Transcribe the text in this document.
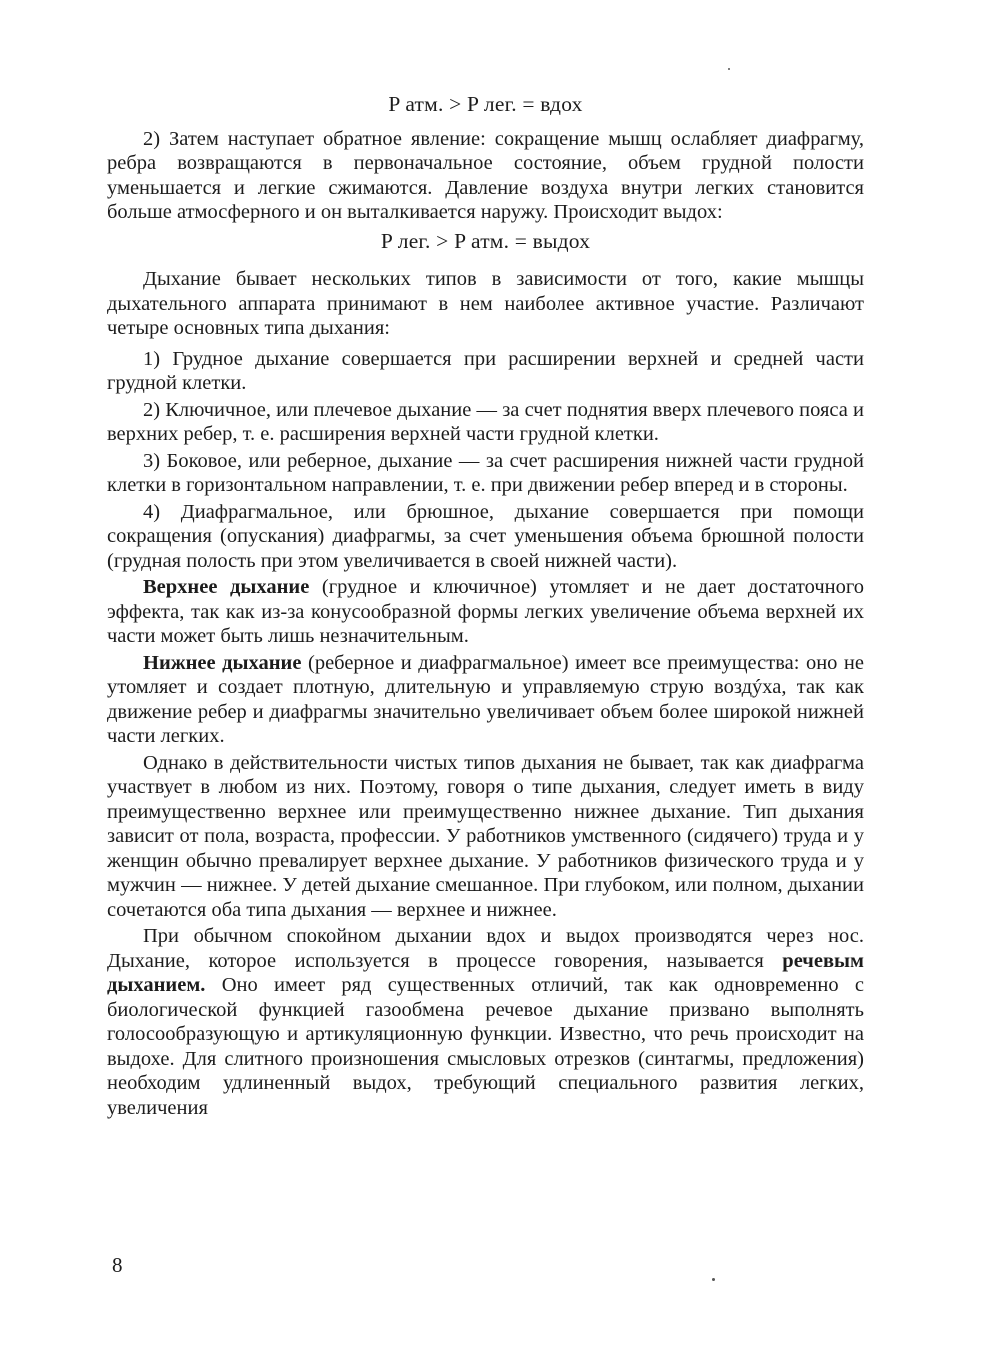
P атм. > P лег. = вдох

2) Затем наступает обратное явление: сокращение мышц ослабляет диафрагму, ребра возвращаются в первоначальное состояние, объем грудной полости уменьшается и легкие сжимаются. Давление воздуха внутри легких становится больше атмосферного и он выталкивается наружу. Происходит выдох:

P лег. > P атм. = выдох

Дыхание бывает нескольких типов в зависимости от того, какие мышцы дыхательного аппарата принимают в нем наиболее активное участие. Различают четыре основных типа дыхания:

1) Грудное дыхание совершается при расширении верхней и средней части грудной клетки.

2) Ключичное, или плечевое дыхание — за счет поднятия вверх плечевого пояса и верхних ребер, т. е. расширения верхней части грудной клетки.

3) Боковое, или реберное, дыхание — за счет расширения нижней части грудной клетки в горизонтальном направлении, т. е. при движении ребер вперед и в стороны.

4) Диафрагмальное, или брюшное, дыхание совершается при помощи сокращения (опускания) диафрагмы, за счет уменьшения объема брюшной полости (грудная полость при этом увеличивается в своей нижней части).

Верхнее дыхание (грудное и ключичное) утомляет и не дает достаточного эффекта, так как из-за конусообразной формы легких увеличение объема верхней их части может быть лишь незначительным.

Нижнее дыхание (реберное и диафрагмальное) имеет все преимущества: оно не утомляет и создает плотную, длительную и управляемую струю воздýха, так как движение ребер и диафрагмы значительно увеличивает объем более широкой нижней части легких.

Однако в действительности чистых типов дыхания не бывает, так как диафрагма участвует в любом из них. Поэтому, говоря о типе дыхания, следует иметь в виду преимущественно верхнее или преимущественно нижнее дыхание. Тип дыхания зависит от пола, возраста, профессии. У работников умственного (сидячего) труда и у женщин обычно превалирует верхнее дыхание. У работников физического труда и у мужчин — нижнее. У детей дыхание смешанное. При глубоком, или полном, дыхании сочетаются оба типа дыхания — верхнее и нижнее.

При обычном спокойном дыхании вдох и выдох производятся через нос. Дыхание, которое используется в процессе говорения, называется речевым дыханием. Оно имеет ряд существенных отличий, так как одновременно с биологической функцией газообмена речевое дыхание призвано выполнять голосообразующую и артикуляционную функции. Известно, что речь происходит на выдохе. Для слитного произношения смысловых отрезков (синтагмы, предложения) необходим удлиненный выдох, требующий специального развития легких, увеличения

8
